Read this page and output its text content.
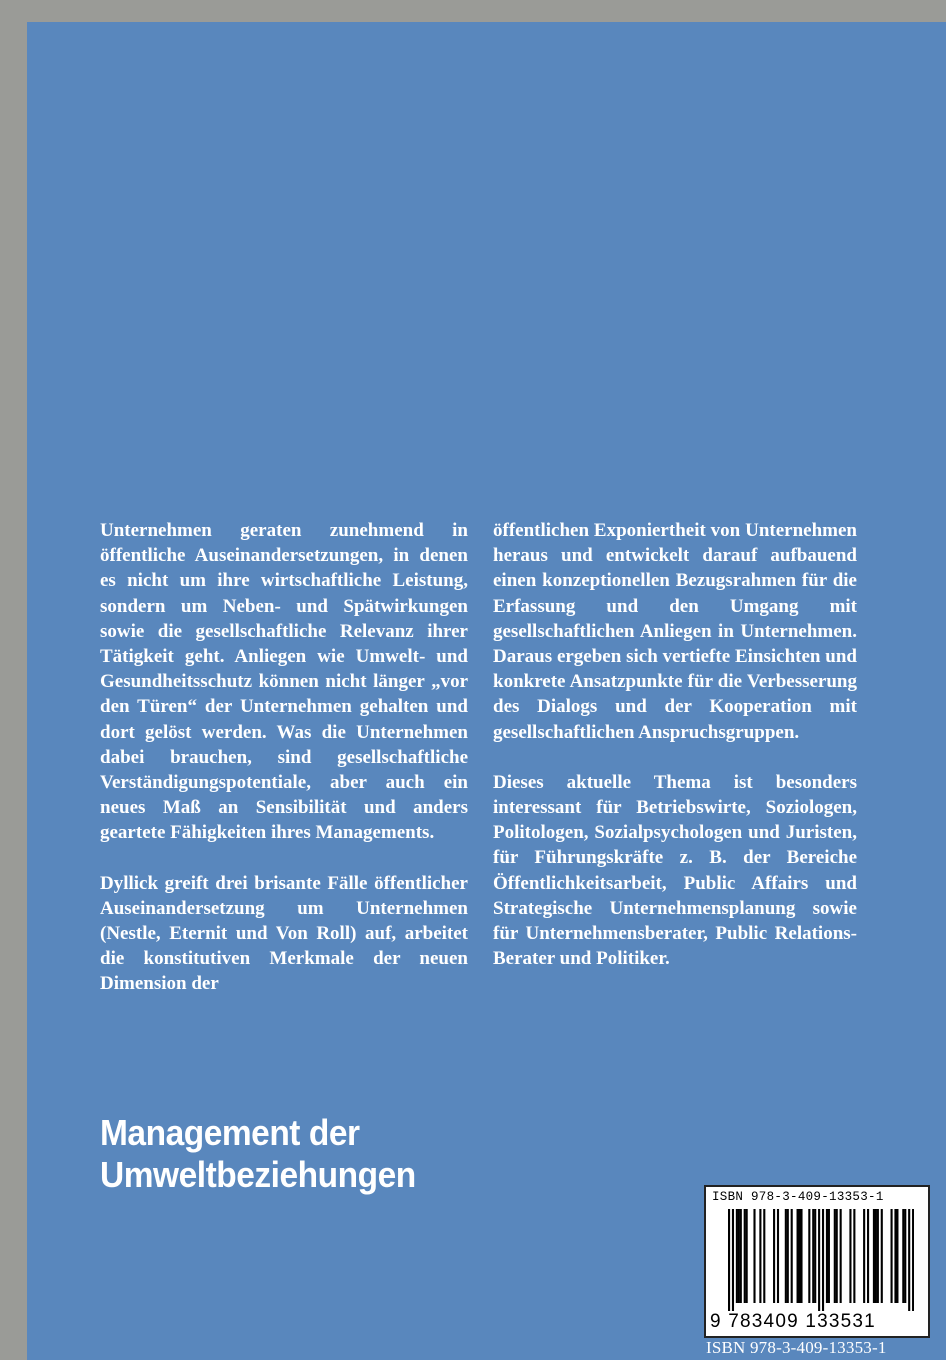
Unternehmen geraten zunehmend in öffentliche Auseinandersetzungen, in denen es nicht um ihre wirtschaftliche Leistung, sondern um Neben- und Spätwirkungen sowie die gesellschaftliche Relevanz ihrer Tätigkeit geht. Anliegen wie Umwelt- und Gesundheitsschutz können nicht länger „vor den Türen“ der Unternehmen gehalten und dort gelöst werden. Was die Unternehmen dabei brauchen, sind gesellschaftliche Verständigungspotentiale, aber auch ein neues Maß an Sensibilität und anders geartete Fähigkeiten ihres Managements.

Dyllick greift drei brisante Fälle öffentlicher Auseinandersetzung um Unternehmen (Nestle, Eternit und Von Roll) auf, arbeitet die konstitutiven Merkmale der neuen Dimension der

öffentlichen Exponiertheit von Unternehmen heraus und entwickelt darauf aufbauend einen konzeptionellen Bezugsrahmen für die Erfassung und den Umgang mit gesellschaftlichen Anliegen in Unternehmen. Daraus ergeben sich vertiefte Einsichten und konkrete Ansatzpunkte für die Verbesserung des Dialogs und der Kooperation mit gesellschaftlichen Anspruchsgruppen.

Dieses aktuelle Thema ist besonders interessant für Betriebswirte, Soziologen, Politologen, Sozialpsychologen und Juristen, für Führungskräfte z. B. der Bereiche Öffentlichkeitsarbeit, Public Affairs und Strategische Unternehmensplanung sowie für Unternehmensberater, Public Relations-Berater und Politiker.

Management der
Umweltbeziehungen
ISBN 978-3-409-13353-1
9 783409 133531
ISBN 978-3-409-13353-1
